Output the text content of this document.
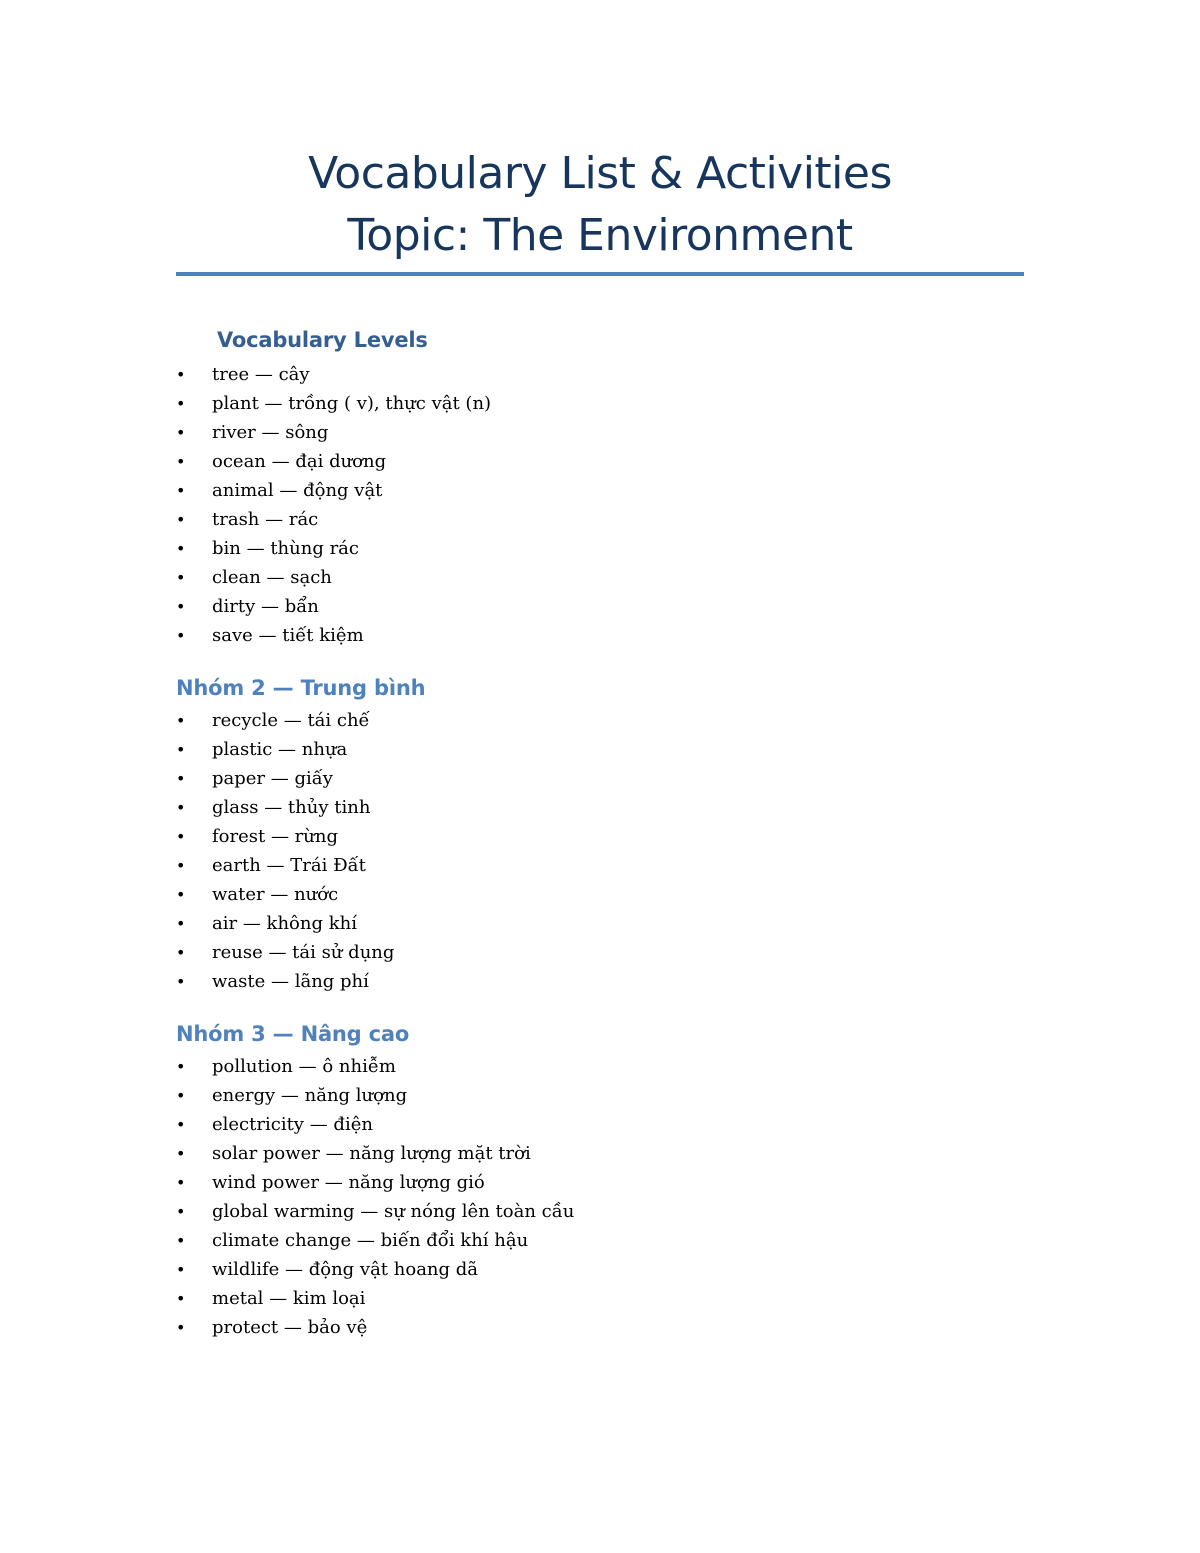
Vocabulary List & Activities
Topic: The Environment
Vocabulary Levels
• tree — cây
• plant — trồng ( v), thực vật (n)
• river — sông
• ocean — đại dương
• animal — động vật
• trash — rác
• bin — thùng rác
• clean — sạch
• dirty — bẩn
• save — tiết kiệm
Nhóm 2 — Trung bình
• recycle — tái chế
• plastic — nhựa
• paper — giấy
• glass — thủy tinh
• forest — rừng
• earth — Trái Đất
• water — nước
• air — không khí
• reuse — tái sử dụng
• waste — lãng phí
Nhóm 3 — Nâng cao
• pollution — ô nhiễm
• energy — năng lượng
• electricity — điện
• solar power — năng lượng mặt trời
• wind power — năng lượng gió
• global warming — sự nóng lên toàn cầu
• climate change — biến đổi khí hậu
• wildlife — động vật hoang dã
• metal — kim loại
• protect — bảo vệ
